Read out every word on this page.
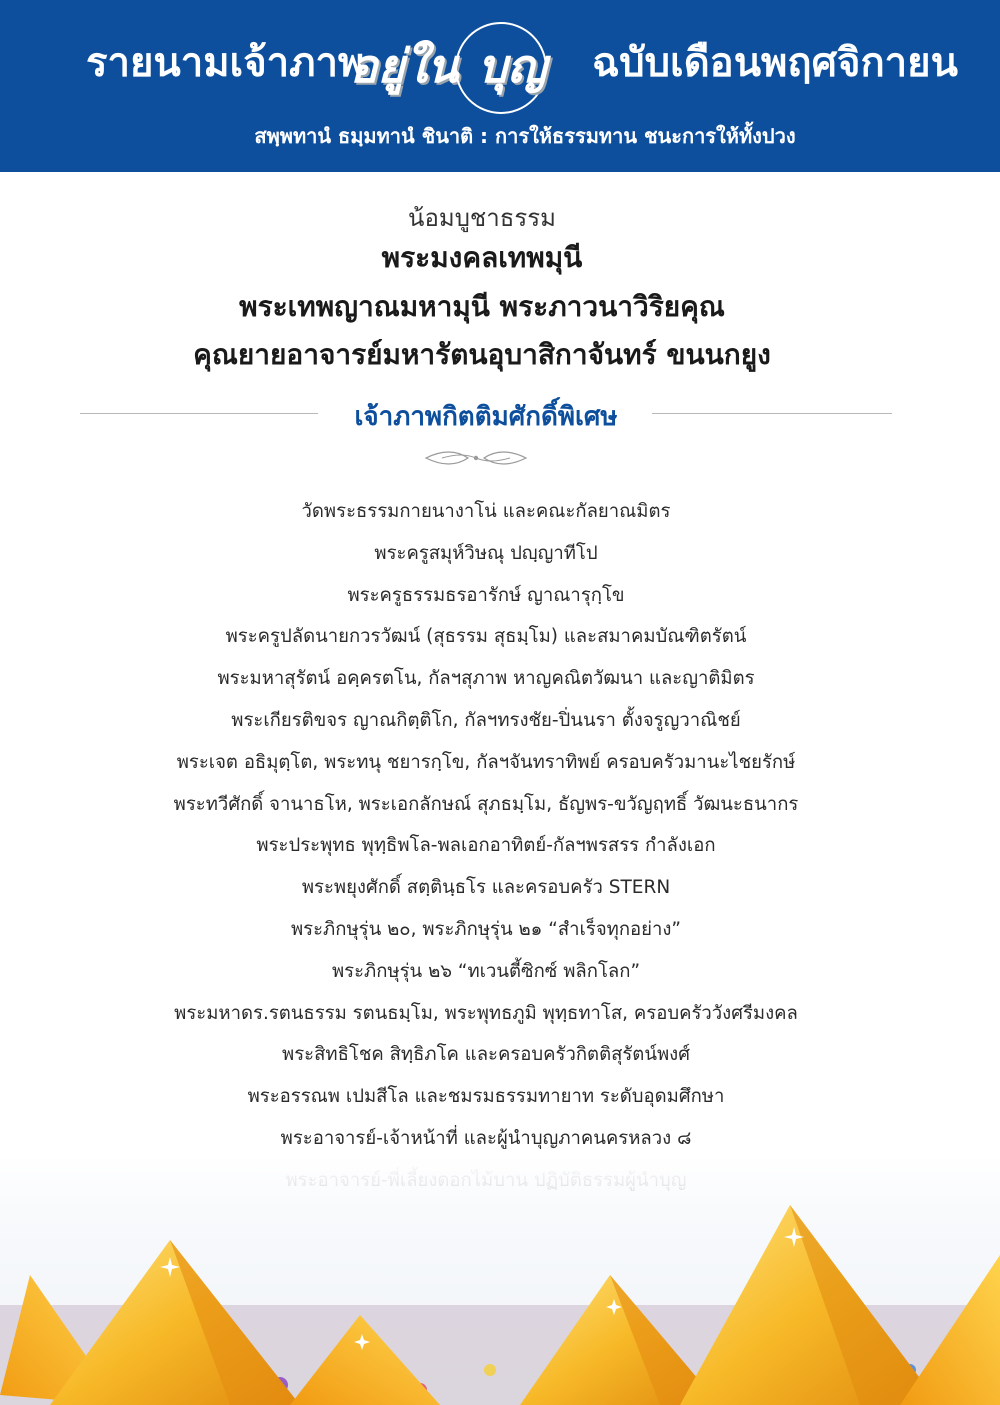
รายนามเจ้าภาพ
อยู่ใน บุญ ฉบับเดือนพฤศจิกายน
สพฺพทานํ ธมฺมทานํ ชินาติ : การให้ธรรมทาน ชนะการให้ทั้งปวง
น้อมบูชาธรรม
พระมงคลเทพมุนี
พระเทพญาณมหามุนี พระภาวนาวิริยคุณ
คุณยายอาจารย์มหารัตนอุบาสิกาจันทร์ ขนนกยูง
เจ้าภาพกิตติมศักดิ์พิเศษ
วัดพระธรรมกายนางาโน่ และคณะกัลยาณมิตร
พระครูสมุห์วิษณุ ปญฺญาทีโป
พระครูธรรมธรอารักษ์ ญาณารุกฺโข
พระครูปลัดนายกวรวัฒน์ (สุธรรม สุธมฺโม) และสมาคมบัณฑิตรัตน์
พระมหาสุรัตน์ อคฺครตโน, กัลฯสุภาพ หาญคณิตวัฒนา และญาติมิตร
พระเกียรติขจร ญาณกิตฺติโก, กัลฯทรงชัย-ปิ่นนรา ตั้งจรูญวาณิชย์
พระเจต อธิมุตฺโต, พระทนุ ชยารกฺโข, กัลฯจันทราทิพย์ ครอบครัวมานะไชยรักษ์
พระทวีศักดิ์ จานาธโห, พระเอกลักษณ์ สุภธมฺโม, ธัญพร-ขวัญฤทธิ์ วัฒนะธนากร
พระประพุทธ พุทฺธิพโล-พลเอกอาทิตย์-กัลฯพรสรร กำลังเอก
พระพยุงศักดิ์ สตฺตินฺธโร และครอบครัว STERN
พระภิกษุรุ่น ๒๐, พระภิกษุรุ่น ๒๑ “สำเร็จทุกอย่าง”
พระภิกษุรุ่น ๒๖ “ทเวนตี้ซิกซ์ พลิกโลก”
พระมหาดร.รตนธรรม รตนธมฺโม, พระพุทธภูมิ พุทฺธทาโส, ครอบครัววังศรีมงคล
พระสิทธิโชค สิทฺธิภโค และครอบครัวกิตติสุรัตน์พงศ์
พระอรรณพ เปมสีโล และชมรมธรรมทายาท ระดับอุดมศึกษา
พระอาจารย์-เจ้าหน้าที่ และผู้นำบุญภาคนครหลวง ๘
